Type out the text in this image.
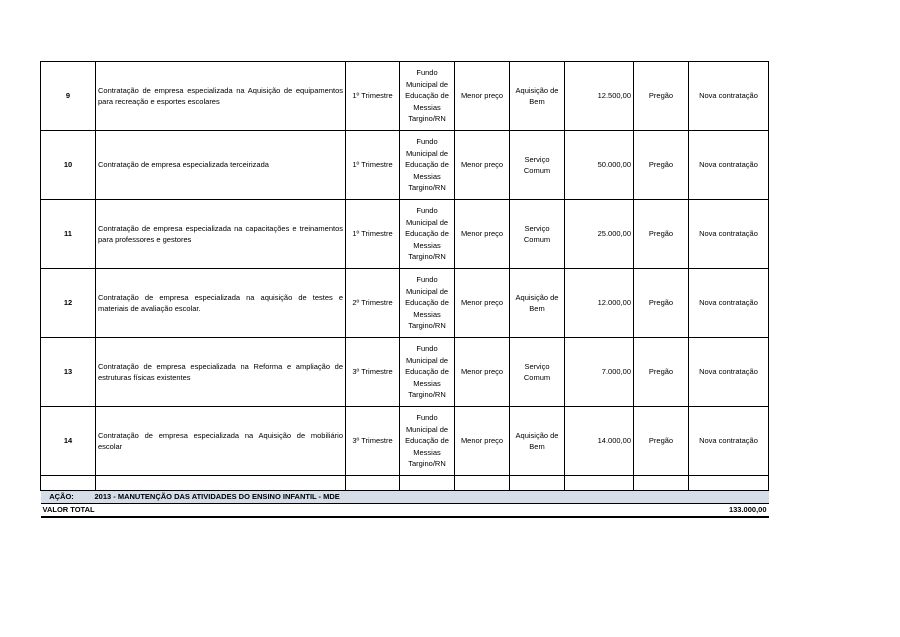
9	Contratação de empresa especializada na Aquisição de equipamentos para recreação e esportes escolares	1º Trimestre	Fundo Municipal de Educação de Messias Targino/RN	Menor preço	Aquisição de Bem	12.500,00	Pregão	Nova contratação
10	Contratação de empresa especializada terceirizada	1º Trimestre	Fundo Municipal de Educação de Messias Targino/RN	Menor preço	Serviço Comum	50.000,00	Pregão	Nova contratação
11	Contratação de empresa especializada na capacitações e treinamentos para professores e gestores	1º Trimestre	Fundo Municipal de Educação de Messias Targino/RN	Menor preço	Serviço Comum	25.000,00	Pregão	Nova contratação
12	Contratação de empresa especializada na aquisição de testes e materiais de avaliação escolar.	2º Trimestre	Fundo Municipal de Educação de Messias Targino/RN	Menor preço	Aquisição de Bem	12.000,00	Pregão	Nova contratação
13	Contratação de empresa especializada na Reforma e ampliação de estruturas físicas existentes	3º Trimestre	Fundo Municipal de Educação de Messias Targino/RN	Menor preço	Serviço Comum	7.000,00	Pregão	Nova contratação
14	Contratação de empresa especializada na Aquisição de mobiliário escolar	3º Trimestre	Fundo Municipal de Educação de Messias Targino/RN	Menor preço	Aquisição de Bem	14.000,00	Pregão	Nova contratação

AÇÃO: 2013 - MANUTENÇÃO DAS ATIVIDADES DO ENSINO INFANTIL - MDE								
VALOR TOTAL								133.000,00
